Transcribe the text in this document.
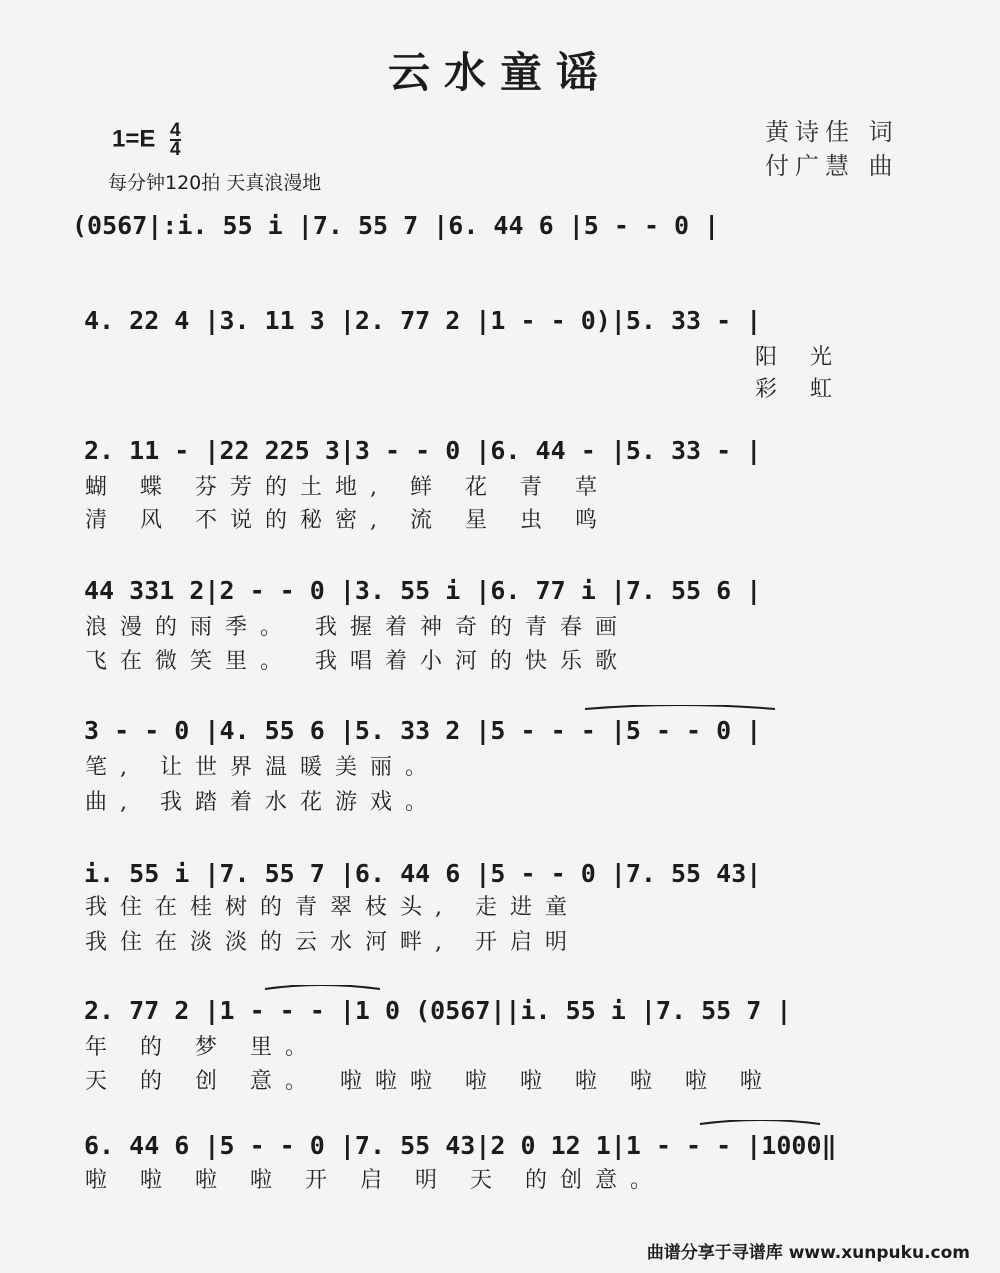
云水童谣
黄诗佳 词
付广慧 曲
$1=E \frac{4}{4}$
每分钟120拍 天真浪漫地
(0567|:i. 55 i |7. 55 7 |6. 44 6 |5 - - 0 |
4. 22 4 |3. 11 3 |2. 77 2 |1 - - 0)|5. 33 - |
阳 光
彩 虹
2. 11 - |22 225 3|3 - - 0 |6. 44 - |5. 33 - |
蝴 蝶 芬芳的土地, 鲜 花 青 草
清 风 不说的秘密, 流 星 虫 鸣
44 331 2|2 - - 0 |3. 55 i |6. 77 i |7. 55 6 |
浪漫的雨季。 我握着神奇的青春画
飞在微笑里。 我唱着小河的快乐歌
3 - - 0 |4. 55 6 |5. 33 2 |5 - - - |5 - - 0 |
笔, 让世界温暖美丽。
曲, 我踏着水花游戏。
i. 55 i |7. 55 7 |6. 44 6 |5 - - 0 |7. 55 43|
我住在桂树的青翠枝头, 走进童
我住在淡淡的云水河畔, 开启明
2. 77 2 |1 - - - |1 0 (0567||i. 55 i |7. 55 7 |
年 的 梦 里。
天 的 创 意。 啦啦啦 啦 啦 啦 啦 啦 啦
6. 44 6 |5 - - 0 |7. 55 43|2 0 12 1|1 - - - |1000‖
啦 啦 啦 啦 开 启 明 天 的创意。
曲谱分享于寻谱库 www.xunpuku.com
